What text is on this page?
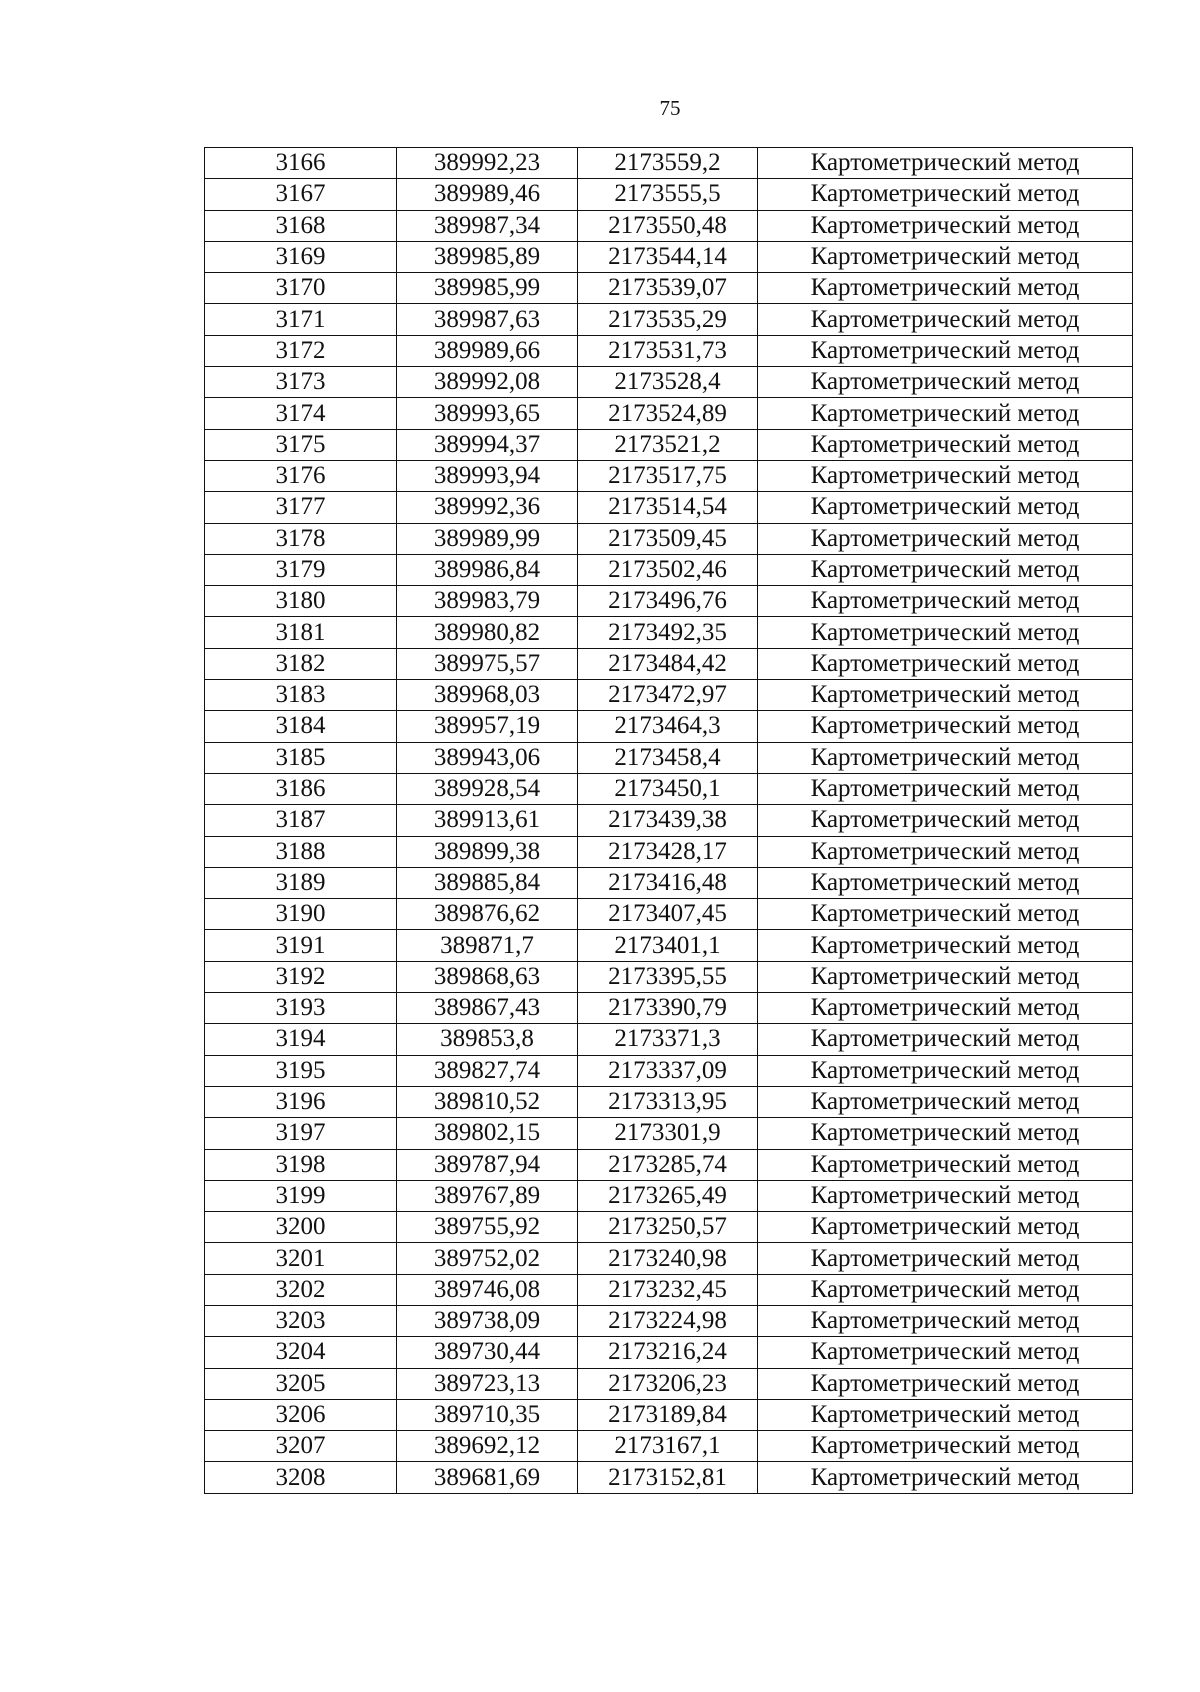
75
3166	389992,23	2173559,2	Картометрический метод
3167	389989,46	2173555,5	Картометрический метод
3168	389987,34	2173550,48	Картометрический метод
3169	389985,89	2173544,14	Картометрический метод
3170	389985,99	2173539,07	Картометрический метод
3171	389987,63	2173535,29	Картометрический метод
3172	389989,66	2173531,73	Картометрический метод
3173	389992,08	2173528,4	Картометрический метод
3174	389993,65	2173524,89	Картометрический метод
3175	389994,37	2173521,2	Картометрический метод
3176	389993,94	2173517,75	Картометрический метод
3177	389992,36	2173514,54	Картометрический метод
3178	389989,99	2173509,45	Картометрический метод
3179	389986,84	2173502,46	Картометрический метод
3180	389983,79	2173496,76	Картометрический метод
3181	389980,82	2173492,35	Картометрический метод
3182	389975,57	2173484,42	Картометрический метод
3183	389968,03	2173472,97	Картометрический метод
3184	389957,19	2173464,3	Картометрический метод
3185	389943,06	2173458,4	Картометрический метод
3186	389928,54	2173450,1	Картометрический метод
3187	389913,61	2173439,38	Картометрический метод
3188	389899,38	2173428,17	Картометрический метод
3189	389885,84	2173416,48	Картометрический метод
3190	389876,62	2173407,45	Картометрический метод
3191	389871,7	2173401,1	Картометрический метод
3192	389868,63	2173395,55	Картометрический метод
3193	389867,43	2173390,79	Картометрический метод
3194	389853,8	2173371,3	Картометрический метод
3195	389827,74	2173337,09	Картометрический метод
3196	389810,52	2173313,95	Картометрический метод
3197	389802,15	2173301,9	Картометрический метод
3198	389787,94	2173285,74	Картометрический метод
3199	389767,89	2173265,49	Картометрический метод
3200	389755,92	2173250,57	Картометрический метод
3201	389752,02	2173240,98	Картометрический метод
3202	389746,08	2173232,45	Картометрический метод
3203	389738,09	2173224,98	Картометрический метод
3204	389730,44	2173216,24	Картометрический метод
3205	389723,13	2173206,23	Картометрический метод
3206	389710,35	2173189,84	Картометрический метод
3207	389692,12	2173167,1	Картометрический метод
3208	389681,69	2173152,81	Картометрический метод
